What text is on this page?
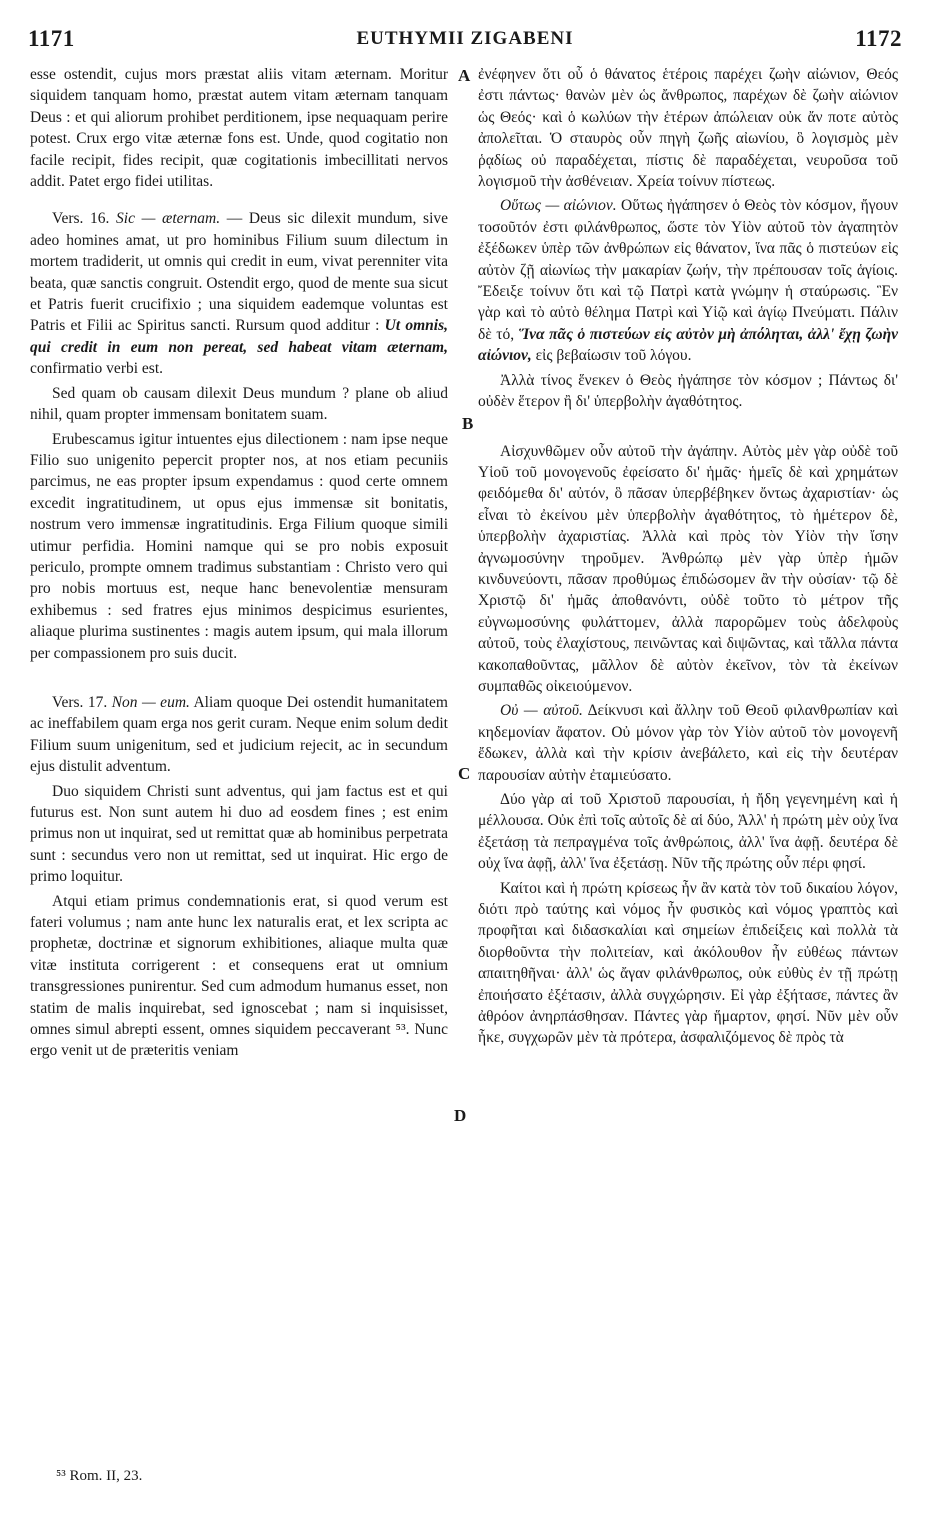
1171	EUTHYMII ZIGABENI	1172
A
B
C
D

esse ostendit, cujus mors præstat aliis vitam æternam. Moritur siquidem tanquam homo, præstat autem vitam æternam tanquam Deus : et qui aliorum prohibet perditionem, ipse nequaquam perire potest. Crux ergo vitæ æternæ fons est. Unde, quod cogitatio non facile recipit, fides recipit, quæ cogitationis imbecillitati nervos addit. Patet ergo fidei utilitas.

Vers. 16. Sic — æternam. — Deus sic dilexit mundum, sive adeo homines amat, ut pro hominibus Filium suum dilectum in mortem tradiderit, ut omnis qui credit in eum, vivat perenniter vita beata, quæ sanctis congruit. Ostendit ergo, quod de mente sua sicut et Patris fuerit crucifixio ; una siquidem eademque voluntas est Patris et Filii ac Spiritus sancti. Rursum quod additur : Ut omnis, qui credit in eum non pereat, sed habeat vitam æternam, confirmatio verbi est.

Sed quam ob causam dilexit Deus mundum ? plane ob aliud nihil, quam propter immensam bonitatem suam.

Erubescamus igitur intuentes ejus dilectionem : nam ipse neque Filio suo unigenito pepercit propter nos, at nos etiam pecuniis parcimus, ne eas propter ipsum expendamus : quod certe omnem excedit ingratitudinem, ut opus ejus immensæ sit bonitatis, nostrum vero immensæ ingratitudinis. Erga Filium quoque simili utimur perfidia. Homini namque qui se pro nobis exposuit periculo, prompte omnem tradimus substantiam : Christo vero qui pro nobis mortuus est, neque hanc benevolentiæ mensuram exhibemus : sed fratres ejus minimos despicimus esurientes, aliaque plurima sustinentes : magis autem ipsum, qui mala illorum per compassionem pro suis ducit.

Vers. 17. Non — eum. Aliam quoque Dei ostendit humanitatem ac ineffabilem quam erga nos gerit curam. Neque enim solum dedit Filium suum unigenitum, sed et judicium rejecit, ac in secundum ejus distulit adventum.

Duo siquidem Christi sunt adventus, qui jam factus est et qui futurus est. Non sunt autem hi duo ad eosdem fines ; est enim primus non ut inquirat, sed ut remittat quæ ab hominibus perpetrata sunt : secundus vero non ut remittat, sed ut inquirat. Hic ergo de primo loquitur.

Atqui etiam primus condemnationis erat, si quod verum est fateri volumus ; nam ante hunc lex naturalis erat, et lex scripta ac prophetæ, doctrinæ et signorum exhibitiones, aliaque multa quæ vitæ instituta corrigerent : et consequens erat ut omnium transgressiones punirentur. Sed cum admodum humanus esset, non statim de malis inquirebat, sed ignoscebat ; nam si inquisisset, omnes simul abrepti essent, omnes siquidem peccaverant ⁵³. Nunc ergo venit ut de præteritis veniam

ἐνέφηνεν ὅτι οὗ ὁ θάνατος ἑτέροις παρέχει ζωὴν αἰώνιον, Θεός ἐστι πάντως· θανὼν μὲν ὡς ἄνθρωπος, παρέχων δὲ ζωὴν αἰώνιον ὡς Θεός· καὶ ὁ κωλύων τὴν ἑτέρων ἀπώλειαν οὐκ ἄν ποτε αὐτὸς ἀπολεῖται. Ὁ σταυρὸς οὖν πηγὴ ζωῆς αἰωνίου, ὃ λογισμὸς μὲν ῥᾳδίως οὐ παραδέχεται, πίστις δὲ παραδέχεται, νευροῦσα τοῦ λογισμοῦ τὴν ἀσθένειαν. Χρεία τοίνυν πίστεως.

Οὕτως — αἰώνιον. Οὕτως ἠγάπησεν ὁ Θεὸς τὸν κόσμον, ἤγουν τοσοῦτόν ἐστι φιλάνθρωπος, ὥστε τὸν Υἱὸν αὐτοῦ τὸν ἀγαπητὸν ἐξέδωκεν ὑπὲρ τῶν ἀνθρώπων εἰς θάνατον, ἵνα πᾶς ὁ πιστεύων εἰς αὐτὸν ζῇ αἰωνίως τὴν μακαρίαν ζωήν, τὴν πρέπουσαν τοῖς ἁγίοις. Ἔδειξε τοίνυν ὅτι καὶ τῷ Πατρὶ κατὰ γνώμην ἡ σταύρωσις. Ἓν γὰρ καὶ τὸ αὐτὸ θέλημα Πατρὶ καὶ Υἱῷ καὶ ἁγίῳ Πνεύματι. Πάλιν δὲ τό, Ἵνα πᾶς ὁ πιστεύων εἰς αὐτὸν μὴ ἀπόληται, ἀλλ' ἔχῃ ζωὴν αἰώνιον, εἰς βεβαίωσιν τοῦ λόγου.

Ἀλλὰ τίνος ἕνεκεν ὁ Θεὸς ἠγάπησε τὸν κόσμον ; Πάντως δι' οὐδὲν ἕτερον ἢ δι' ὑπερβολὴν ἀγαθότητος.

Αἰσχυνθῶμεν οὖν αὐτοῦ τὴν ἀγάπην. Αὐτὸς μὲν γὰρ οὐδὲ τοῦ Υἱοῦ τοῦ μονογενοῦς ἐφείσατο δι' ἡμᾶς· ἡμεῖς δὲ καὶ χρημάτων φειδόμεθα δι' αὐτόν, ὃ πᾶσαν ὑπερβέβηκεν ὄντως ἀχαριστίαν· ὡς εἶναι τὸ ἐκείνου μὲν ὑπερβολὴν ἀγαθότητος, τὸ ἡμέτερον δὲ, ὑπερβολὴν ἀχαριστίας. Ἀλλὰ καὶ πρὸς τὸν Υἱὸν τὴν ἴσην ἀγνωμοσύνην τηροῦμεν. Ἀνθρώπῳ μὲν γὰρ ὑπὲρ ἡμῶν κινδυνεύοντι, πᾶσαν προθύμως ἐπιδώσομεν ἂν τὴν οὐσίαν· τῷ δὲ Χριστῷ δι' ἡμᾶς ἀποθανόντι, οὐδὲ τοῦτο τὸ μέτρον τῆς εὐγνωμοσύνης φυλάττομεν, ἀλλὰ παρορῶμεν τοὺς ἀδελφοὺς αὐτοῦ, τοὺς ἐλαχίστους, πεινῶντας καὶ διψῶντας, καὶ τἄλλα πάντα κακοπαθοῦντας, μᾶλλον δὲ αὐτὸν ἐκεῖνον, τὸν τὰ ἐκείνων συμπαθῶς οἰκειούμενον.

Οὐ — αὐτοῦ. Δείκνυσι καὶ ἄλλην τοῦ Θεοῦ φιλανθρωπίαν καὶ κηδεμονίαν ἄφατον. Οὐ μόνον γὰρ τὸν Υἱὸν αὐτοῦ τὸν μονογενῆ ἔδωκεν, ἀλλὰ καὶ τὴν κρίσιν ἀνεβάλετο, καὶ εἰς τὴν δευτέραν παρουσίαν αὐτὴν ἐταμιεύσατο.

Δύο γὰρ αἱ τοῦ Χριστοῦ παρουσίαι, ἡ ἤδη γεγενημένη καὶ ἡ μέλλουσα. Οὐκ ἐπὶ τοῖς αὐτοῖς δὲ αἱ δύο, Ἀλλ' ἡ πρώτη μὲν οὐχ ἵνα ἐξετάσῃ τὰ πεπραγμένα τοῖς ἀνθρώποις, ἀλλ' ἵνα ἀφῇ. δευτέρα δὲ οὐχ ἵνα ἀφῇ, ἀλλ' ἵνα ἐξετάσῃ. Νῦν τῆς πρώτης οὖν πέρι φησί.

Καίτοι καὶ ἡ πρώτη κρίσεως ἦν ἂν κατὰ τὸν τοῦ δικαίου λόγον, διότι πρὸ ταύτης καὶ νόμος ἦν φυσικὸς καὶ νόμος γραπτὸς καὶ προφῆται καὶ διδασκαλίαι καὶ σημείων ἐπιδείξεις καὶ πολλὰ τὰ διορθοῦντα τὴν πολιτείαν, καὶ ἀκόλουθον ἦν εὐθέως πάντων απαιτηθῆναι· ἀλλ' ὡς ἄγαν φιλάνθρωπος, οὐκ εὐθὺς ἐν τῇ πρώτῃ ἐποιήσατο ἐξέτασιν, ἀλλὰ συγχώρησιν. Εἰ γὰρ ἐξήτασε, πάντες ἂν ἀθρόον ἀνηρπάσθησαν. Πάντες γὰρ ἥμαρτον, φησί. Νῦν μὲν οὖν ἧκε, συγχωρῶν μὲν τὰ πρότερα, ἀσφαλιζόμενος δὲ πρὸς τὰ

⁵³ Rom. II, 23.
